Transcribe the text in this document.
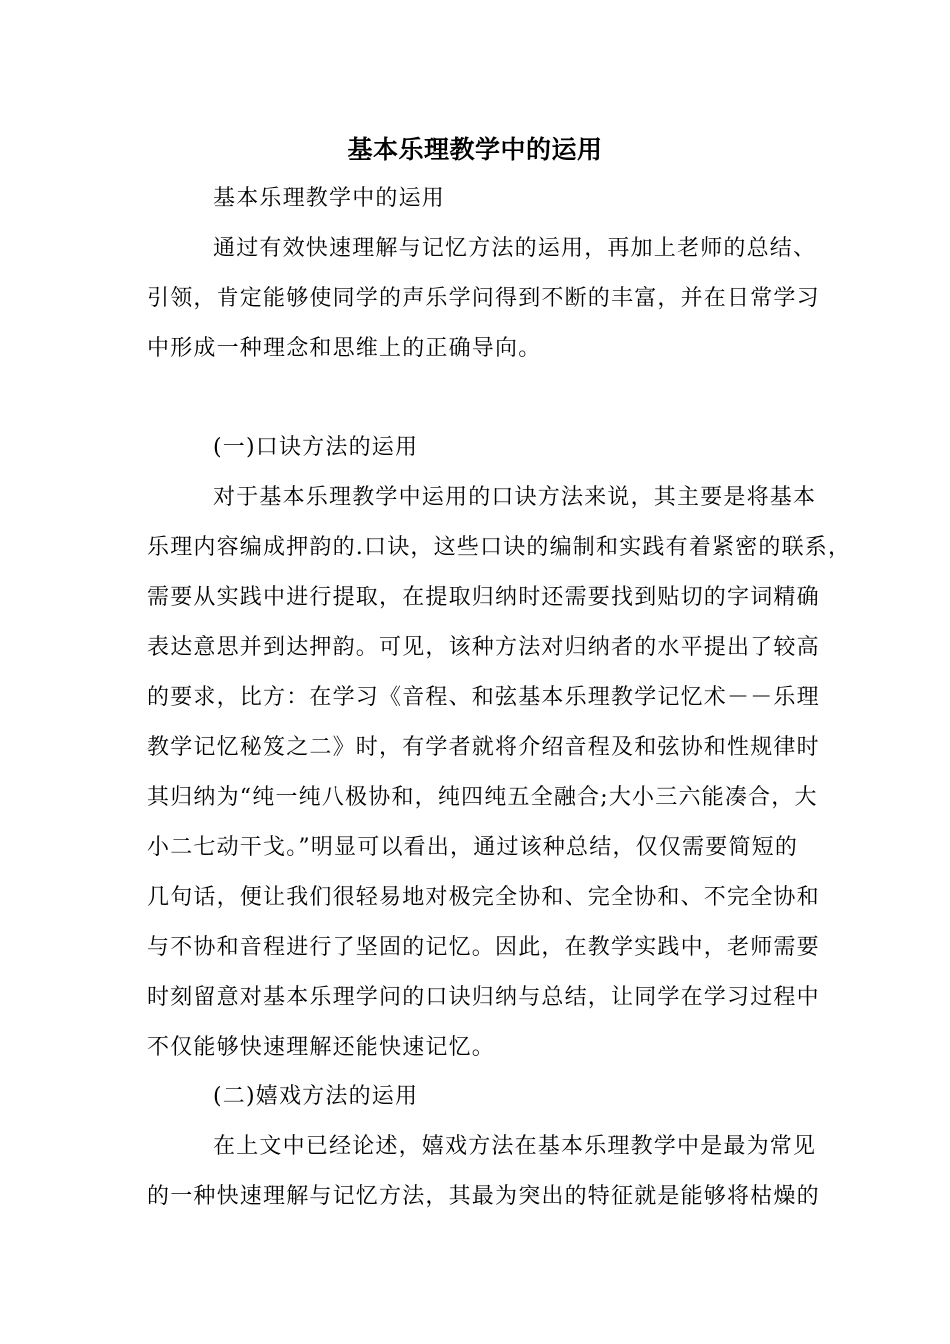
基本乐理教学中的运用
基本乐理教学中的运用
通过有效快速理解与记忆方法的运用，再加上老师的总结、
引领，肯定能够使同学的声乐学问得到不断的丰富，并在日常学习
中形成一种理念和思维上的正确导向。
(一)口诀方法的运用
对于基本乐理教学中运用的口诀方法来说，其主要是将基本
乐理内容编成押韵的.口诀，这些口诀的编制和实践有着紧密的联系，
需要从实践中进行提取，在提取归纳时还需要找到贴切的字词精确
表达意思并到达押韵。可见，该种方法对归纳者的水平提出了较高
的要求，比方：在学习《音程、和弦基本乐理教学记忆术－－乐理
教学记忆秘笈之二》时，有学者就将介绍音程及和弦协和性规律时
其归纳为“纯一纯八极协和，纯四纯五全融合;大小三六能凑合，大
小二七动干戈。”明显可以看出，通过该种总结，仅仅需要简短的
几句话，便让我们很轻易地对极完全协和、完全协和、不完全协和
与不协和音程进行了坚固的记忆。因此，在教学实践中，老师需要
时刻留意对基本乐理学问的口诀归纳与总结，让同学在学习过程中
不仅能够快速理解还能快速记忆。
(二)嬉戏方法的运用
在上文中已经论述，嬉戏方法在基本乐理教学中是最为常见
的一种快速理解与记忆方法，其最为突出的特征就是能够将枯燥的
